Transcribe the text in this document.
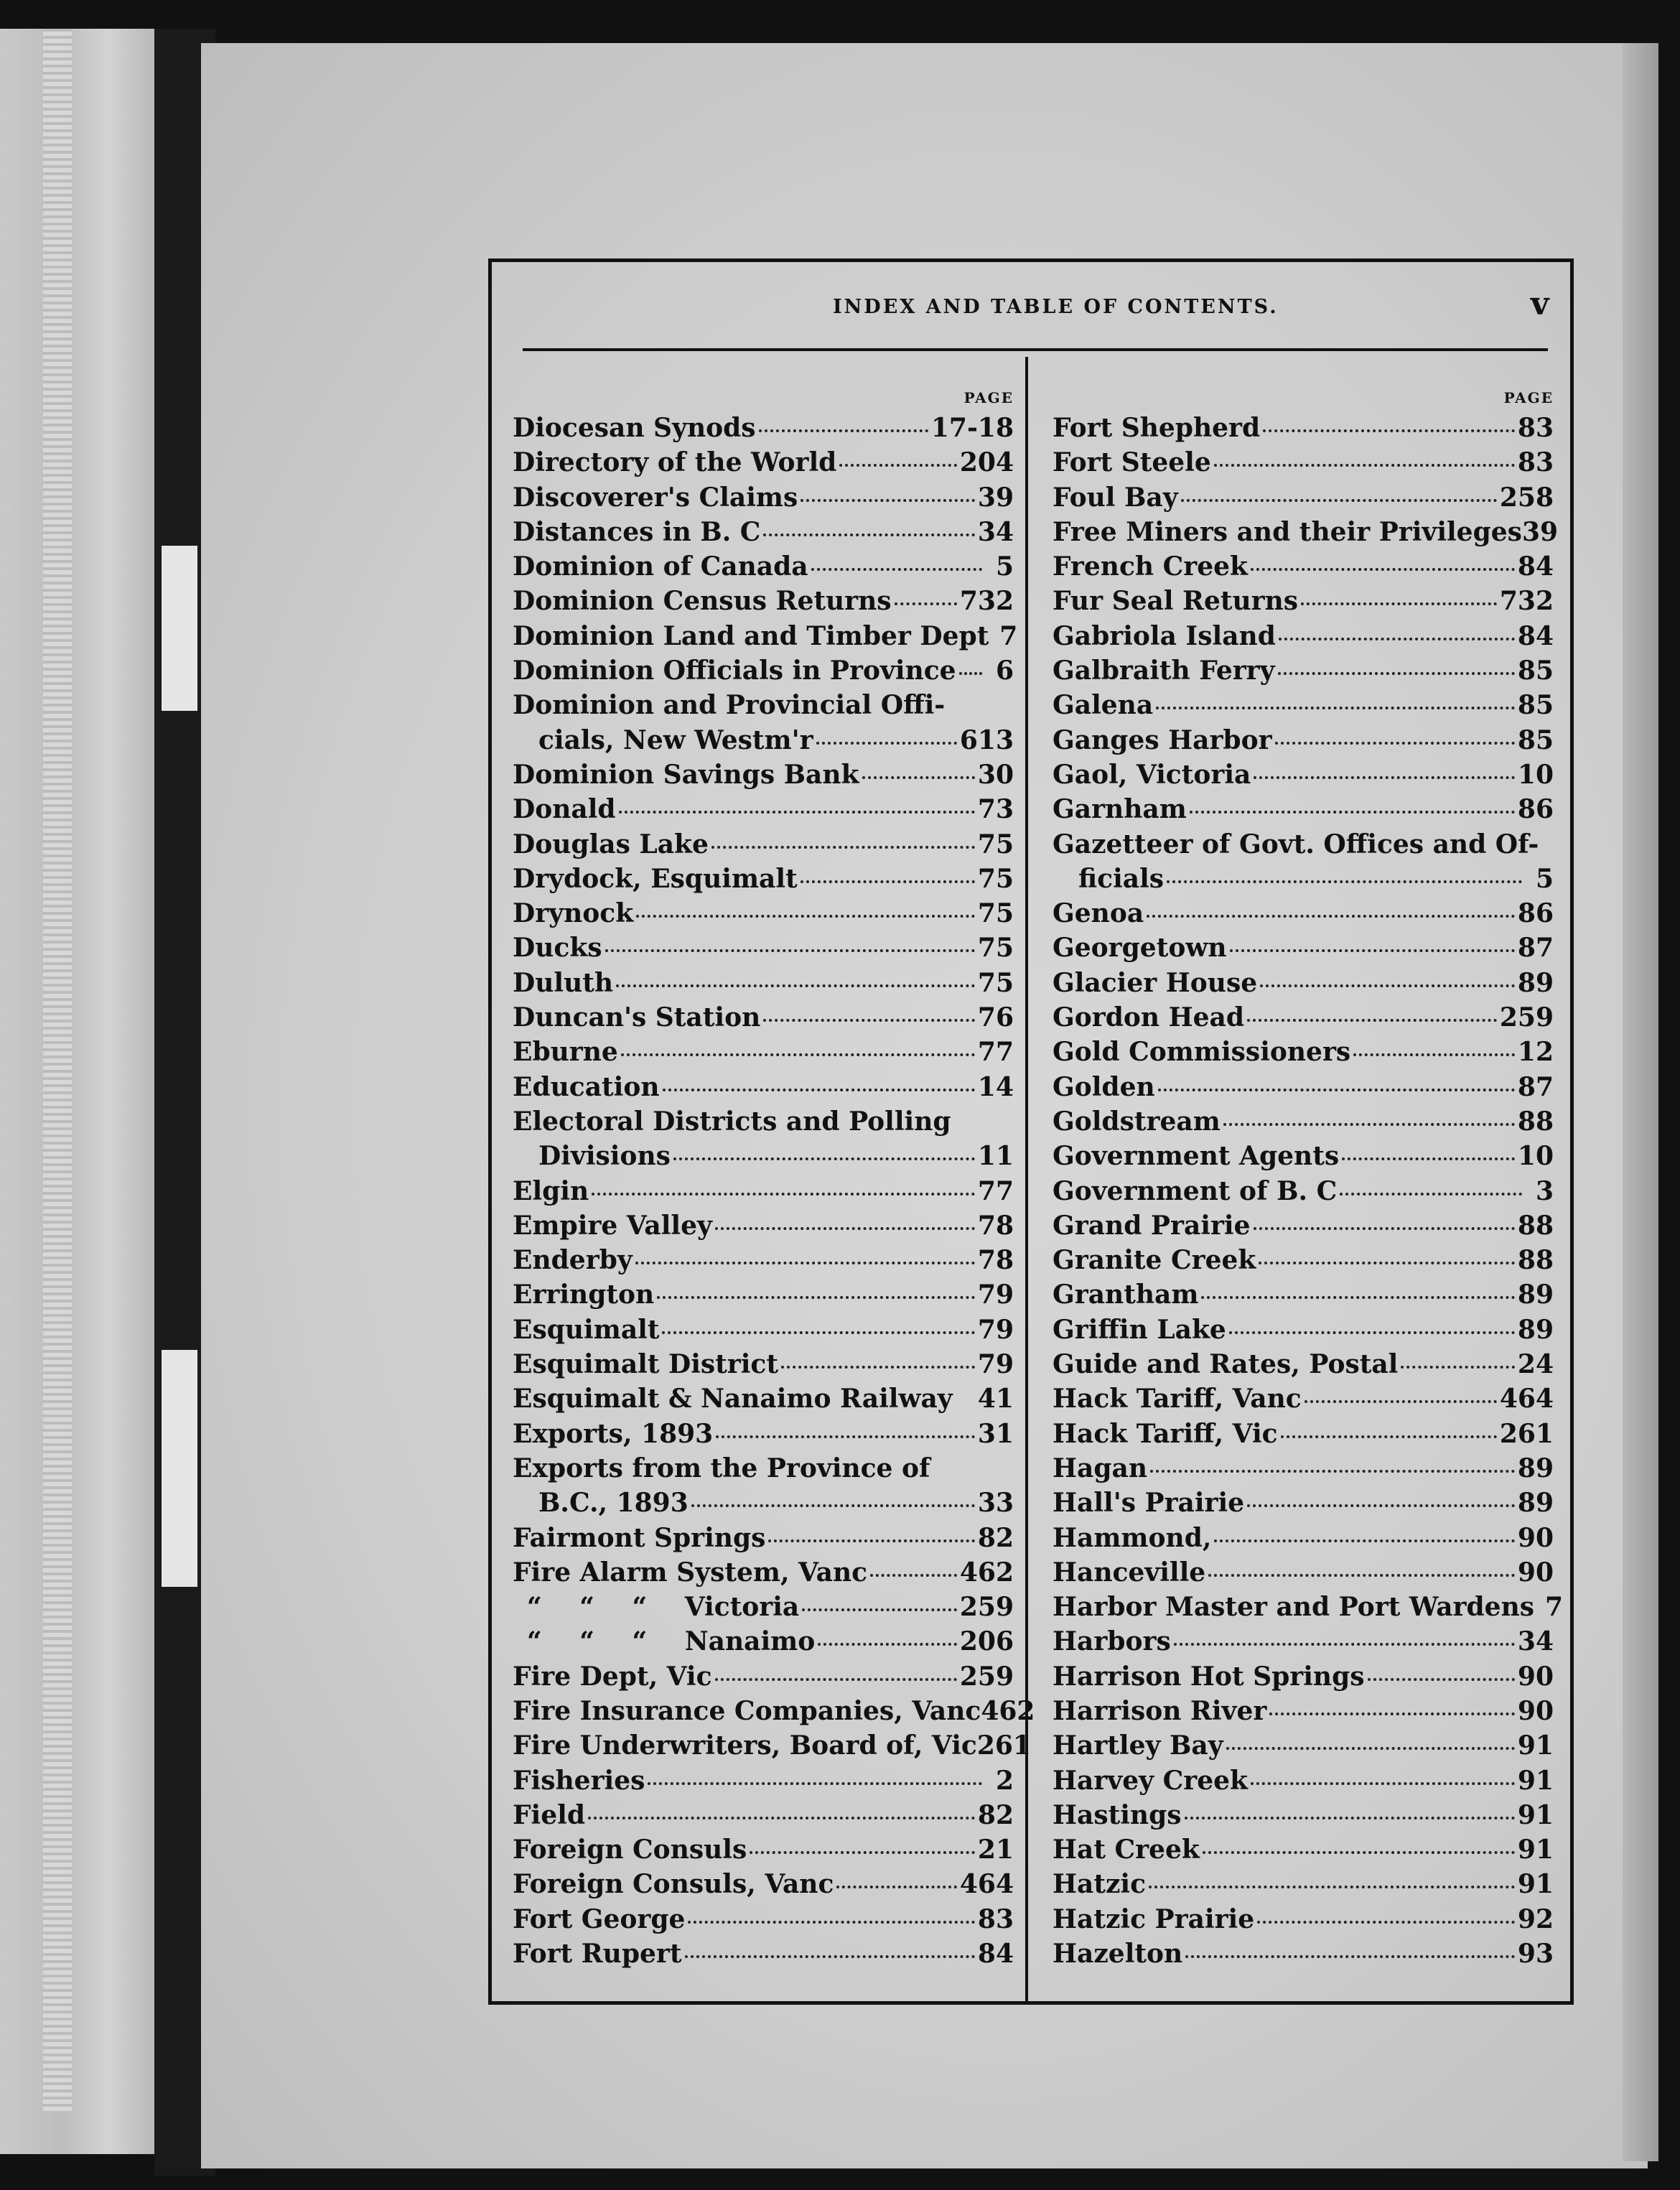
INDEX AND TABLE OF CONTENTS.	v
PAGE
Diocesan Synods	17-18
Directory of the World	204
Discoverer's Claims	39
Distances in B. C	34
Dominion of Canada	5
Dominion Census Returns	732
Dominion Land and Timber Dept 7
Dominion Officials in Province	6
Dominion and Provincial Offi-
cials, New Westm'r	613
Dominion Savings Bank	30
Donald	73
Douglas Lake	75
Drydock, Esquimalt	75
Drynock	75
Ducks	75
Duluth	75
Duncan's Station	76
Eburne	77
Education	14
Electoral Districts and Polling
Divisions	11
Elgin	77
Empire Valley	78
Enderby	78
Errington	79
Esquimalt	79
Esquimalt District	79
Esquimalt & Nanaimo Railway 41
Exports, 1893	31
Exports from the Province of
B.C., 1893	33
Fairmont Springs	82
Fire Alarm System, Vanc	462
“ “ “ Victoria	259
“ “ “ Nanaimo	206
Fire Dept, Vic	259
Fire Insurance Companies, Vanc 462
Fire Underwriters, Board of, Vic 261
Fisheries	2
Field	82
Foreign Consuls	21
Foreign Consuls, Vanc	464
Fort George	83
Fort Rupert	84
PAGE
Fort Shepherd	83
Fort Steele	83
Foul Bay	258
Free Miners and their Privileges 39
French Creek	84
Fur Seal Returns	732
Gabriola Island	84
Galbraith Ferry	85
Galena	85
Ganges Harbor	85
Gaol, Victoria	10
Garnham	86
Gazetteer of Govt. Offices and Of-
ficials	5
Genoa	86
Georgetown	87
Glacier House	89
Gordon Head	259
Gold Commissioners	12
Golden	87
Goldstream	88
Government Agents	10
Government of B. C	3
Grand Prairie	88
Granite Creek	88
Grantham	89
Griffin Lake	89
Guide and Rates, Postal	24
Hack Tariff, Vanc	464
Hack Tariff, Vic	261
Hagan	89
Hall's Prairie	89
Hammond,	90
Hanceville	90
Harbor Master and Port Wardens 7
Harbors	34
Harrison Hot Springs	90
Harrison River	90
Hartley Bay	91
Harvey Creek	91
Hastings	91
Hat Creek	91
Hatzic	91
Hatzic Prairie	92
Hazelton	93
